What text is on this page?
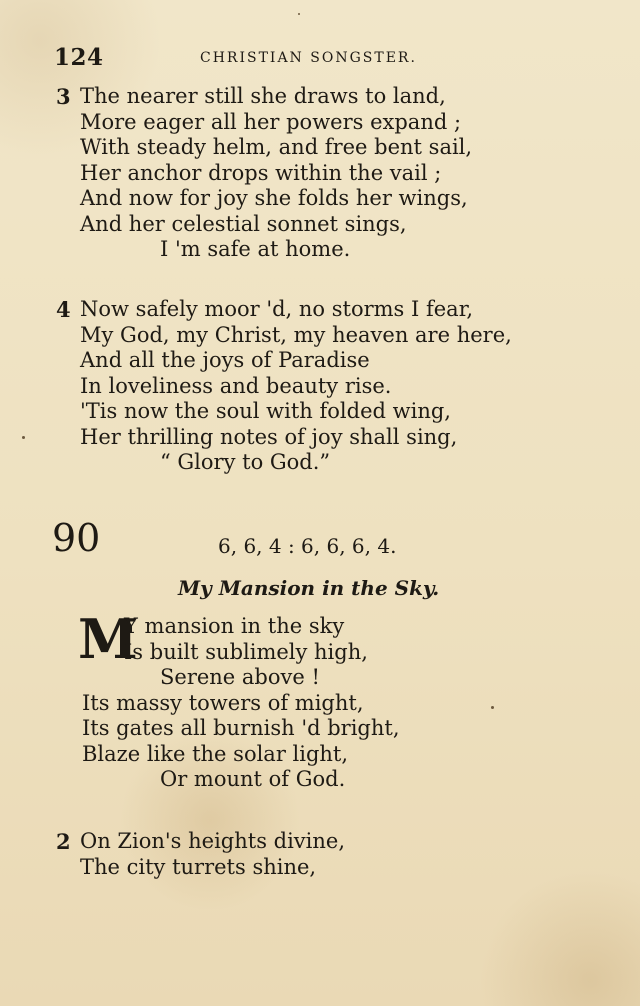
124	CHRISTIAN SONGSTER.
3 The nearer still she draws to land,
More eager all her powers expand ;
With steady helm, and free bent sail,
Her anchor drops within the vail ;
And now for joy she folds her wings,
And her celestial sonnet sings,
I 'm safe at home.
4 Now safely moor 'd, no storms I fear,
My God, my Christ, my heaven are here,
And all the joys of Paradise
In loveliness and beauty rise.
'Tis now the soul with folded wing,
Her thrilling notes of joy shall sing,
“ Glory to God.”
90	6, 6, 4 : 6, 6, 6, 4.
My Mansion in the Sky.
M
Y mansion in the sky
Is built sublimely high,
Serene above !
Its massy towers of might,
Its gates all burnish 'd bright,
Blaze like the solar light,
Or mount of God.
2 On Zion's heights divine,
The city turrets shine,
